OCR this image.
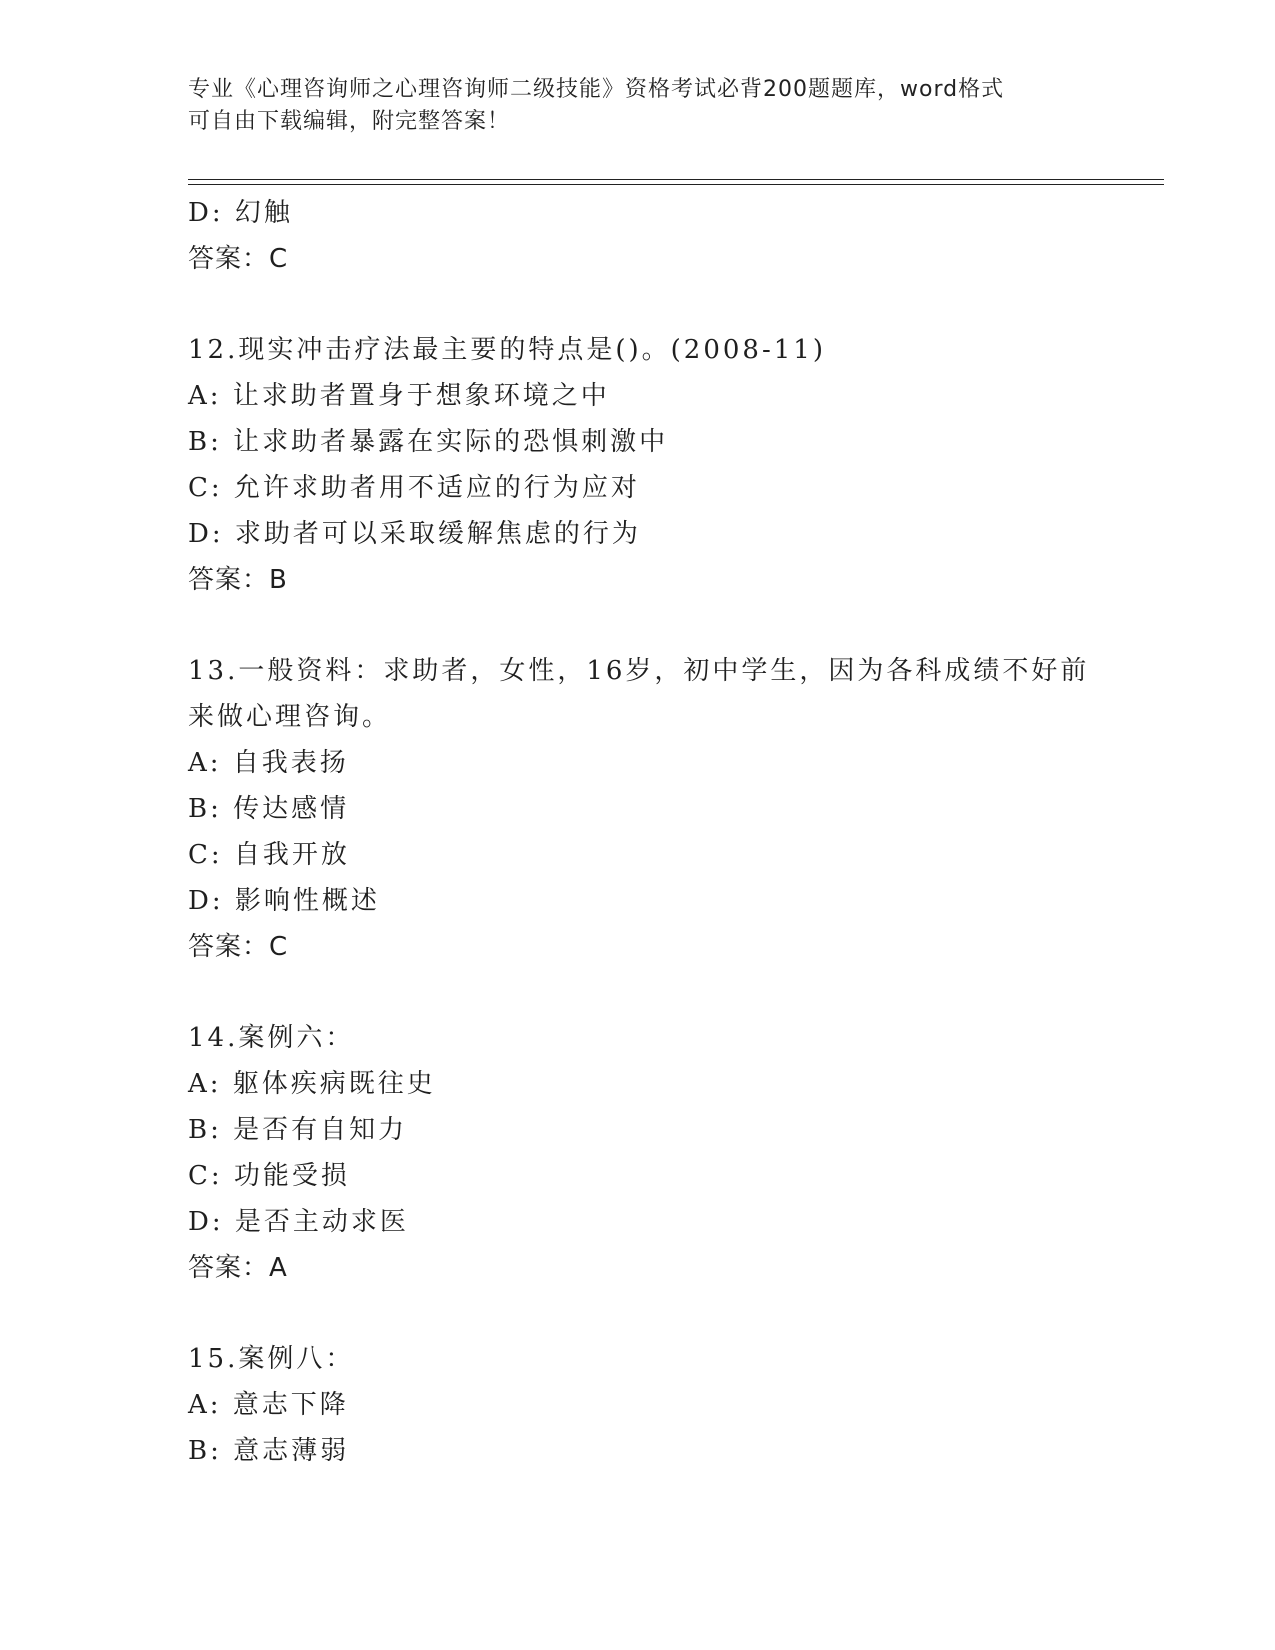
专业《心理咨询师之心理咨询师二级技能》资格考试必背200题题库，word格式
可自由下载编辑，附完整答案！
D: 幻触
答案：C
12.现实冲击疗法最主要的特点是()。(2008-11)
A: 让求助者置身于想象环境之中
B: 让求助者暴露在实际的恐惧刺激中
C: 允许求助者用不适应的行为应对
D: 求助者可以采取缓解焦虑的行为
答案：B
13.一般资料：求助者，女性，16岁，初中学生，因为各科成绩不好前
来做心理咨询。
A: 自我表扬
B: 传达感情
C: 自我开放
D: 影响性概述
答案：C
14.案例六：
A: 躯体疾病既往史
B: 是否有自知力
C: 功能受损
D: 是否主动求医
答案：A
15.案例八：
A: 意志下降
B: 意志薄弱
